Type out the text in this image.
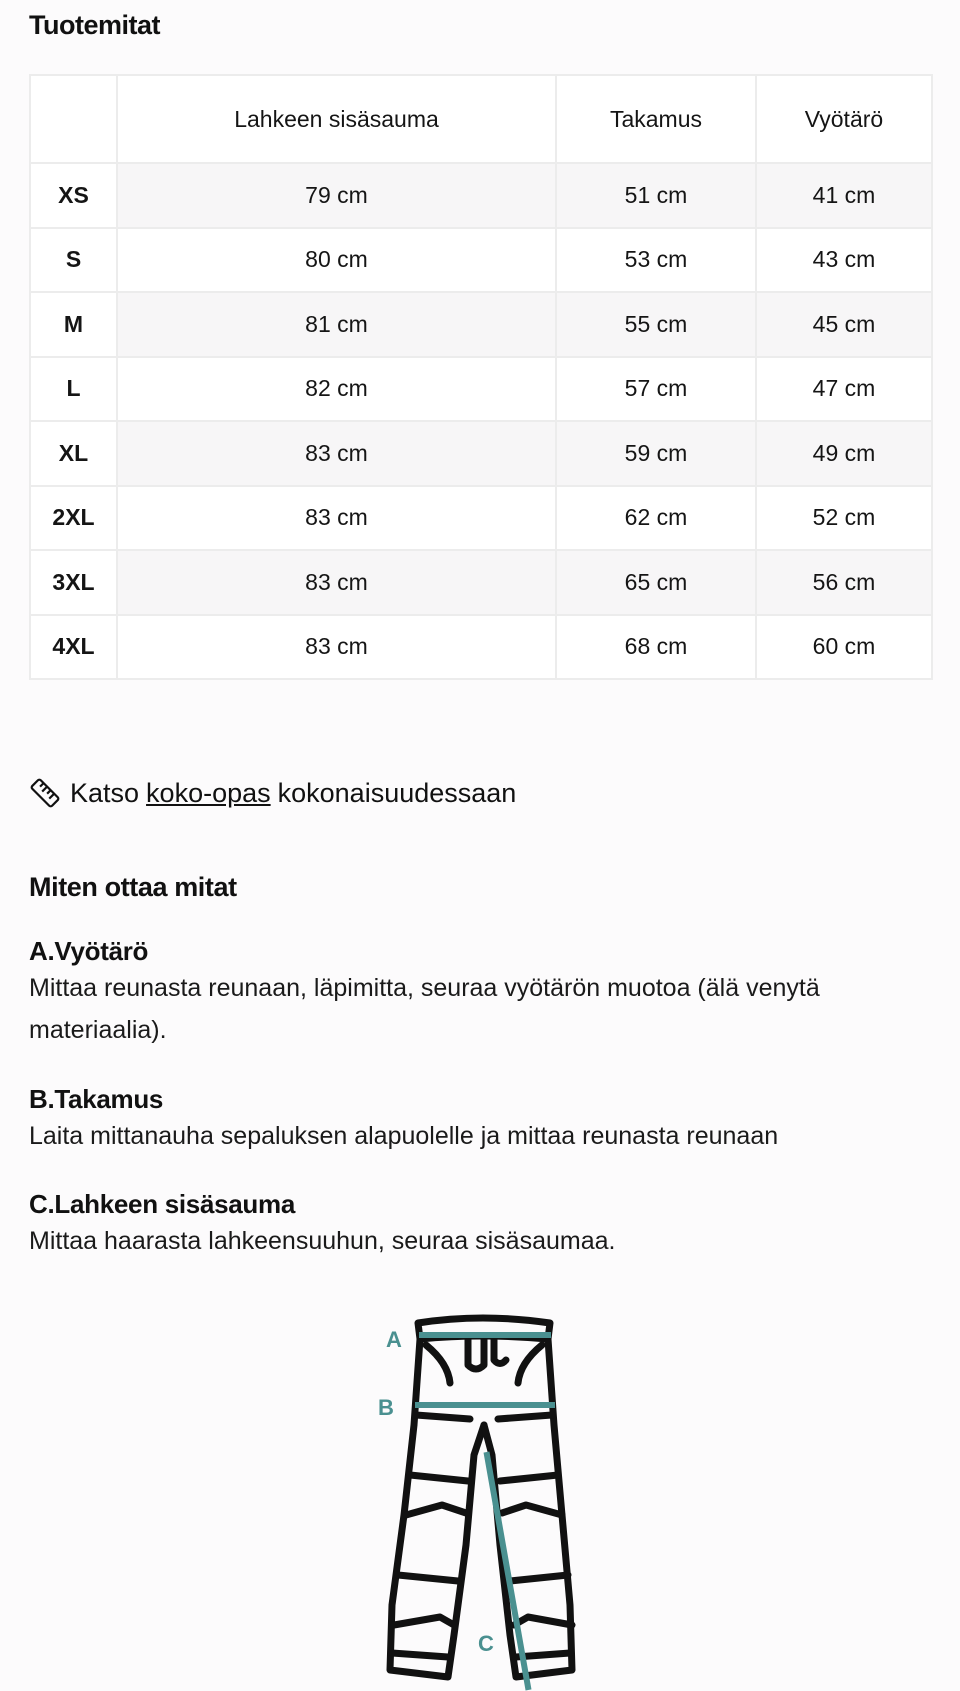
Tuotemitat
	Lahkeen sisäsauma	Takamus	Vyötärö
XS	79 cm	51 cm	41 cm
S	80 cm	53 cm	43 cm
M	81 cm	55 cm	45 cm
L	82 cm	57 cm	47 cm
XL	83 cm	59 cm	49 cm
2XL	83 cm	62 cm	52 cm
3XL	83 cm	65 cm	56 cm
4XL	83 cm	68 cm	60 cm
Katso koko-opas kokonaisuudessaan
Miten ottaa mitat
A.Vyötärö
Mittaa reunasta reunaan, läpimitta, seuraa vyötärön muotoa (älä venytä materiaalia).
B.Takamus
Laita mittanauha sepaluksen alapuolelle ja mittaa reunasta reunaan
C.Lahkeen sisäsauma
Mittaa haarasta lahkeensuuhun, seuraa sisäsaumaa.
A
B
C
